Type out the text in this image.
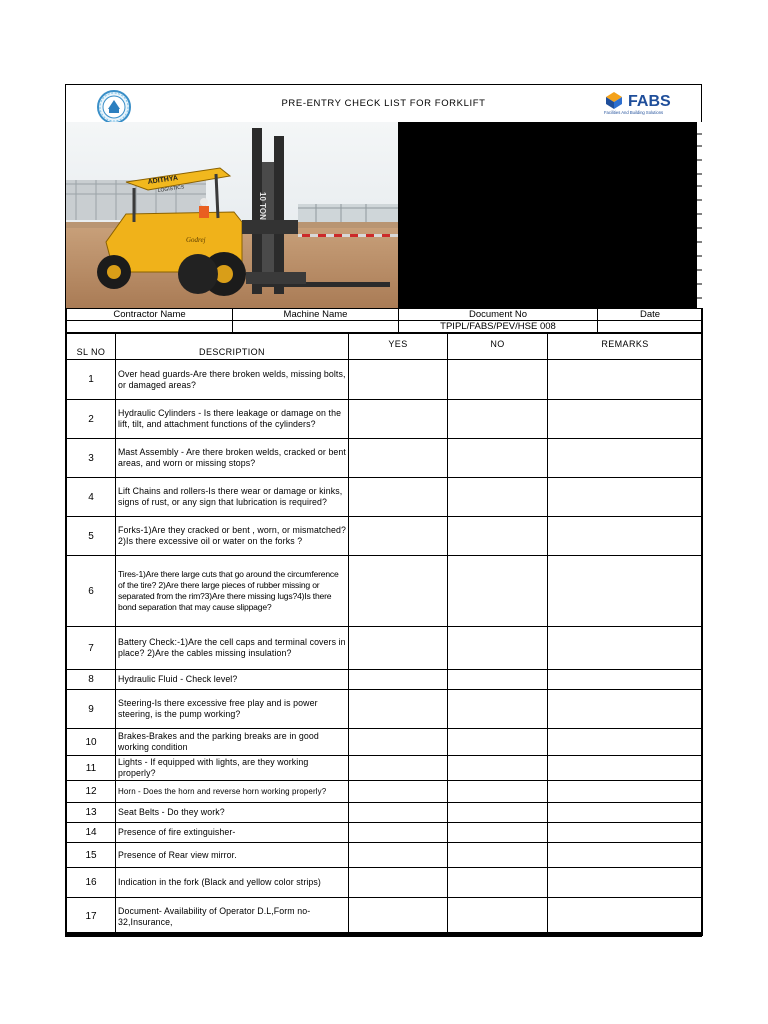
PRE-ENTRY CHECK LIST FOR FORKLIFT	FABS
Facilities And Building Solutions
ADITHYA
LOGISTICS
Godrej
10 TON
Contractor Name	Machine Name	Document No	Date
		TPIPL/FABS/PEV/HSE 008	
SL NO	DESCRIPTION	YES	NO	REMARKS
1	Over head guards-Are there broken welds, missing bolts, or damaged areas?			
2	Hydraulic Cylinders - Is there leakage or damage on the lift, tilt, and attachment functions of the cylinders?			
3	Mast Assembly - Are there broken welds, cracked or bent areas, and worn or missing stops?			
4	Lift Chains and rollers-Is there wear or damage or kinks, signs of rust, or any sign that lubrication is required?			
5	Forks-1)Are they cracked or bent , worn, or mismatched? 2)Is there excessive oil or water on the forks ?			
6	Tires-1)Are there large cuts that go around the circumference of the tire? 2)Are there large pieces of rubber missing or separated from the rim?3)Are there missing lugs?4)Is there bond separation that may cause slippage?			
7	Battery Check:-1)Are the cell caps and terminal covers in place? 2)Are the cables missing insulation?			
8	Hydraulic Fluid - Check level?			
9	Steering-Is there excessive free play and is power steering, is the pump working?			
10	Brakes-Brakes and the parking breaks are in good working condition			
11	Lights - If equipped with lights, are they working properly?			
12	Horn - Does the horn and reverse horn working properly?			
13	Seat Belts - Do they work?			
14	Presence of fire extinguisher-			
15	Presence of Rear view mirror.			
16	Indication in the fork (Black and yellow color strips)			
17	Document- Availability of Operator D.L,Form no-32,Insurance,			
